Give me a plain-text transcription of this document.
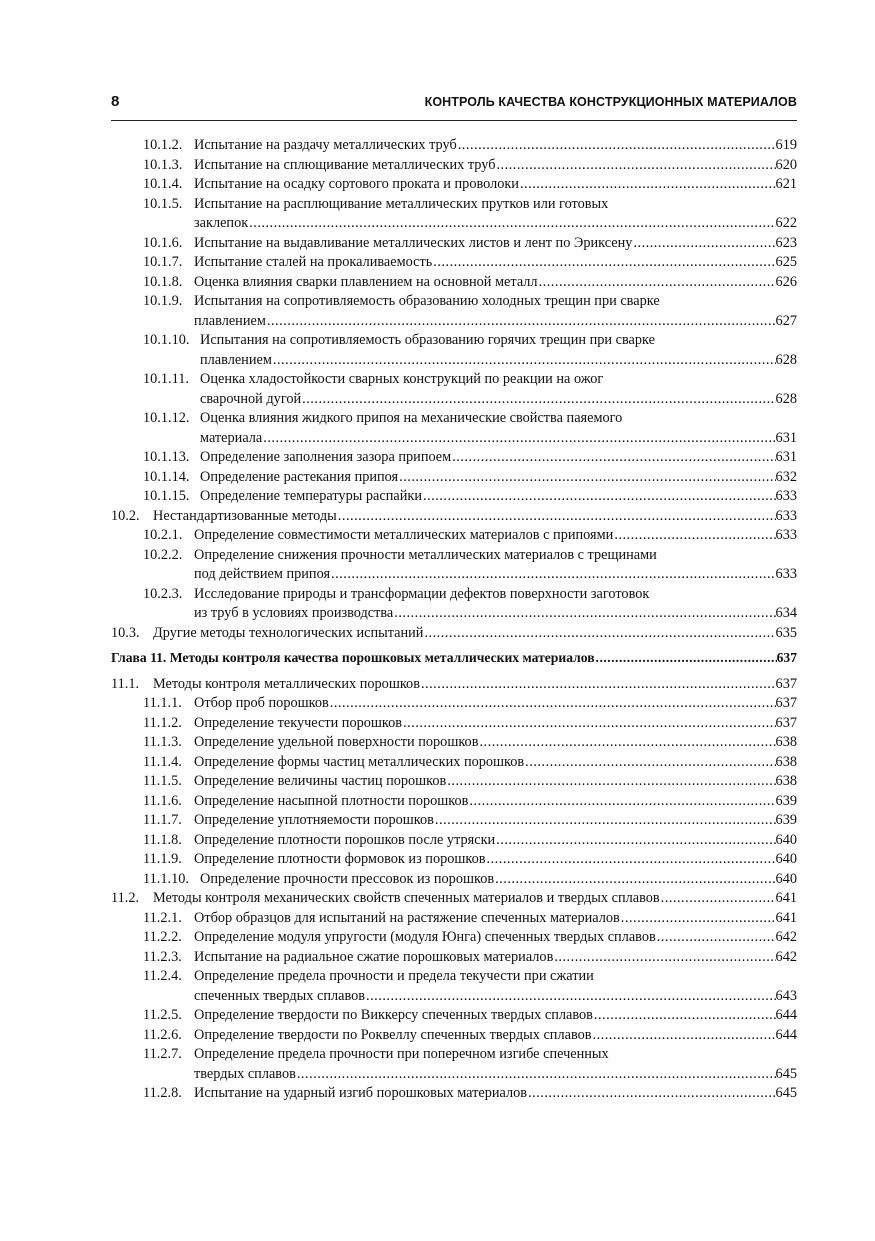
8	КОНТРОЛЬ КАЧЕСТВА КОНСТРУКЦИОННЫХ МАТЕРИАЛОВ
10.1.2. Испытание на раздачу металлических труб .....	619
10.1.3. Испытание на сплющивание металлических труб .....	620
10.1.4. Испытание на осадку сортового проката и проволоки .....	621
10.1.5. Испытание на расплющивание металлических прутков или готовых
заклепок .....	622
10.1.6. Испытание на выдавливание металлических листов и лент по Эриксену .....	623
10.1.7. Испытание сталей на прокаливаемость .....	625
10.1.8. Оценка влияния сварки плавлением на основной металл .....	626
10.1.9. Испытания на сопротивляемость образованию холодных трещин при сварке
плавлением .....	627
10.1.10. Испытания на сопротивляемость образованию горячих трещин при сварке
плавлением .....	628
10.1.11. Оценка хладостойкости сварных конструкций по реакции на ожог
сварочной дугой .....	628
10.1.12. Оценка влияния жидкого припоя на механические свойства паяемого
материала .....	631
10.1.13. Определение заполнения зазора припоем .....	631
10.1.14. Определение растекания припоя .....	632
10.1.15. Определение температуры распайки .....	633
10.2. Нестандартизованные методы .....	633
10.2.1. Определение совместимости металлических материалов с припоями .....	633
10.2.2. Определение снижения прочности металлических материалов с трещинами
под действием припоя .....	633
10.2.3. Исследование природы и трансформации дефектов поверхности заготовок
из труб в условиях производства .....	634
10.3. Другие методы технологических испытаний .....	635
Глава 11. Методы контроля качества порошковых металлических материалов .....	637
11.1. Методы контроля металлических порошков .....	637
11.1.1. Отбор проб порошков .....	637
11.1.2. Определение текучести порошков .....	637
11.1.3. Определение удельной поверхности порошков .....	638
11.1.4. Определение формы частиц металлических порошков .....	638
11.1.5. Определение величины частиц порошков .....	638
11.1.6. Определение насыпной плотности порошков .....	639
11.1.7. Определение уплотняемости порошков .....	639
11.1.8. Определение плотности порошков после утряски .....	640
11.1.9. Определение плотности формовок из порошков .....	640
11.1.10. Определение прочности прессовок из порошков .....	640
11.2. Методы контроля механических свойств спеченных материалов и твердых сплавов .....	641
11.2.1. Отбор образцов для испытаний на растяжение спеченных материалов .....	641
11.2.2. Определение модуля упругости (модуля Юнга) спеченных твердых сплавов .....	642
11.2.3. Испытание на радиальное сжатие порошковых материалов .....	642
11.2.4. Определение предела прочности и предела текучести при сжатии
спеченных твердых сплавов .....	643
11.2.5. Определение твердости по Виккерсу спеченных твердых сплавов .....	644
11.2.6. Определение твердости по Роквеллу спеченных твердых сплавов .....	644
11.2.7. Определение предела прочности при поперечном изгибе спеченных
твердых сплавов .....	645
11.2.8. Испытание на ударный изгиб порошковых материалов .....	645
